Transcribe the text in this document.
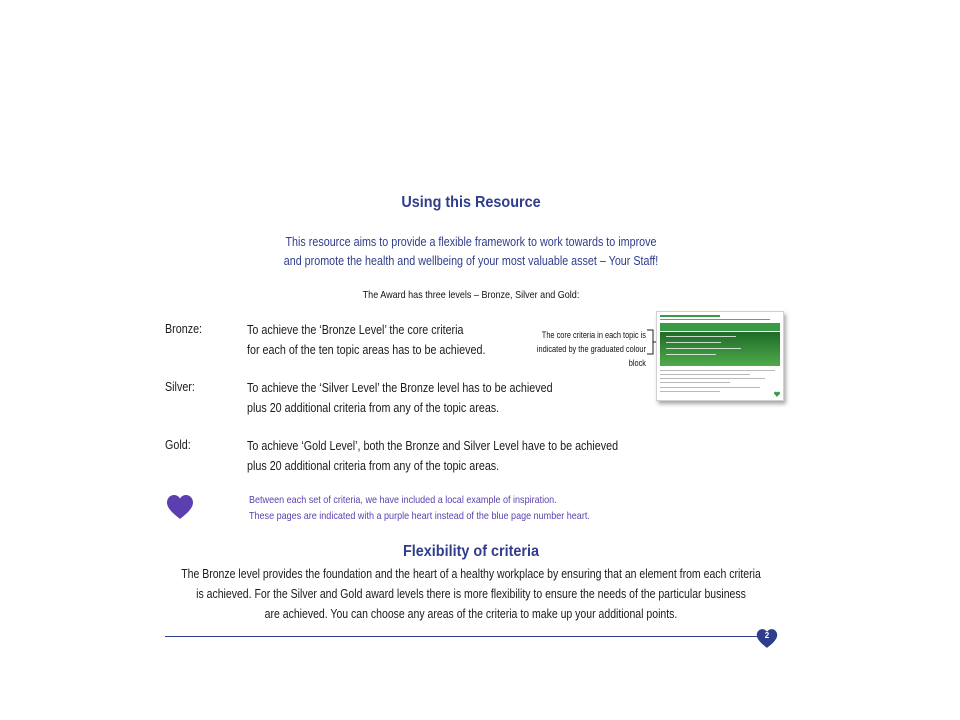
Using this Resource
This resource aims to provide a flexible framework to work towards to improve
and promote the health and wellbeing of your most valuable asset – Your Staff!
The Award has three levels – Bronze, Silver and Gold:
Bronze:	To achieve the ‘Bronze Level’ the core criteria
for each of the ten topic areas has to be achieved.
Silver:	To achieve the ‘Silver Level’ the Bronze level has to be achieved
plus 20 additional criteria from any of the topic areas.
Gold:	To achieve ‘Gold Level’, both the Bronze and Silver Level have to be achieved
plus 20 additional criteria from any of the topic areas.
The core criteria in each topic is
indicated by the graduated colour block
Between each set of criteria, we have included a local example of inspiration.
These pages are indicated with a purple heart instead of the blue page number heart.
Flexibility of criteria
The Bronze level provides the foundation and the heart of a healthy workplace by ensuring that an element from each criteria
is achieved. For the Silver and Gold award levels there is more flexibility to ensure the needs of the particular business
are achieved. You can choose any areas of the criteria to make up your additional points.
2
